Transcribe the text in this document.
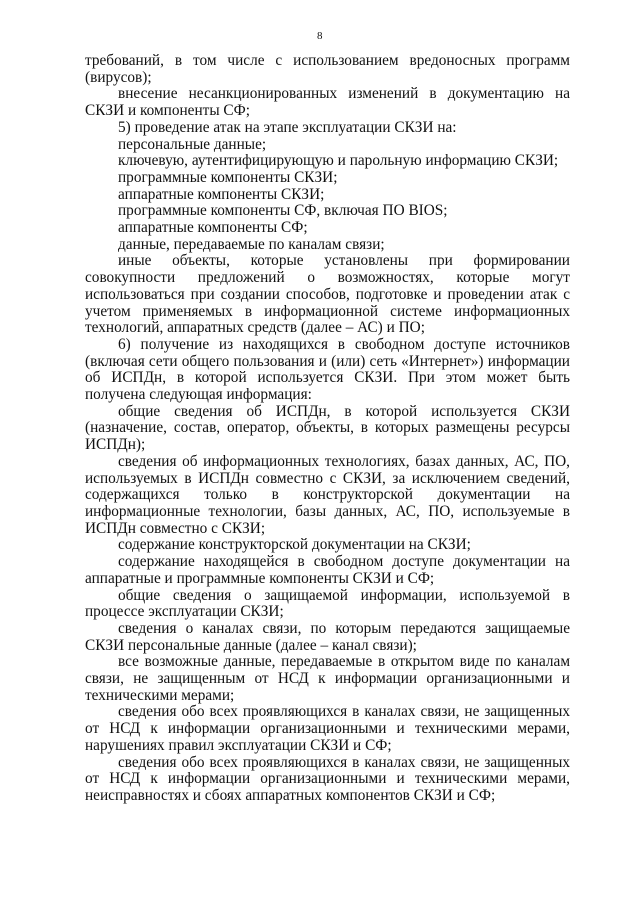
8

требований, в том числе с использованием вредоносных программ (вирусов);

внесение несанкционированных изменений в документацию на СКЗИ и компоненты СФ;

5) проведение атак на этапе эксплуатации СКЗИ на:

персональные данные;

ключевую, аутентифицирующую и парольную информацию СКЗИ;

программные компоненты СКЗИ;

аппаратные компоненты СКЗИ;

программные компоненты СФ, включая ПО BIOS;

аппаратные компоненты СФ;

данные, передаваемые по каналам связи;

иные объекты, которые установлены при формировании совокупности предложений о возможностях, которые могут использоваться при создании способов, подготовке и проведении атак с учетом применяемых в информационной системе информационных технологий, аппаратных средств (далее – АС) и ПО;

6) получение из находящихся в свободном доступе источников (включая сети общего пользования и (или) сеть «Интернет») информации об ИСПДн, в которой используется СКЗИ. При этом может быть получена следующая информация:

общие сведения об ИСПДн, в которой используется СКЗИ (назначение, состав, оператор, объекты, в которых размещены ресурсы ИСПДн);

сведения об информационных технологиях, базах данных, АС, ПО, используемых в ИСПДн совместно с СКЗИ, за исключением сведений, содержащихся только в конструкторской документации на информационные технологии, базы данных, АС, ПО, используемые в ИСПДн совместно с СКЗИ;

содержание конструкторской документации на СКЗИ;

содержание находящейся в свободном доступе документации на аппаратные и программные компоненты СКЗИ и СФ;

общие сведения о защищаемой информации, используемой в процессе эксплуатации СКЗИ;

сведения о каналах связи, по которым передаются защищаемые СКЗИ персональные данные (далее – канал связи);

все возможные данные, передаваемые в открытом виде по каналам связи, не защищенным от НСД к информации организационными и техническими мерами;

сведения обо всех проявляющихся в каналах связи, не защищенных от НСД к информации организационными и техническими мерами, нарушениях правил эксплуатации СКЗИ и СФ;

сведения обо всех проявляющихся в каналах связи, не защищенных от НСД к информации организационными и техническими мерами, неисправностях и сбоях аппаратных компонентов СКЗИ и СФ;
